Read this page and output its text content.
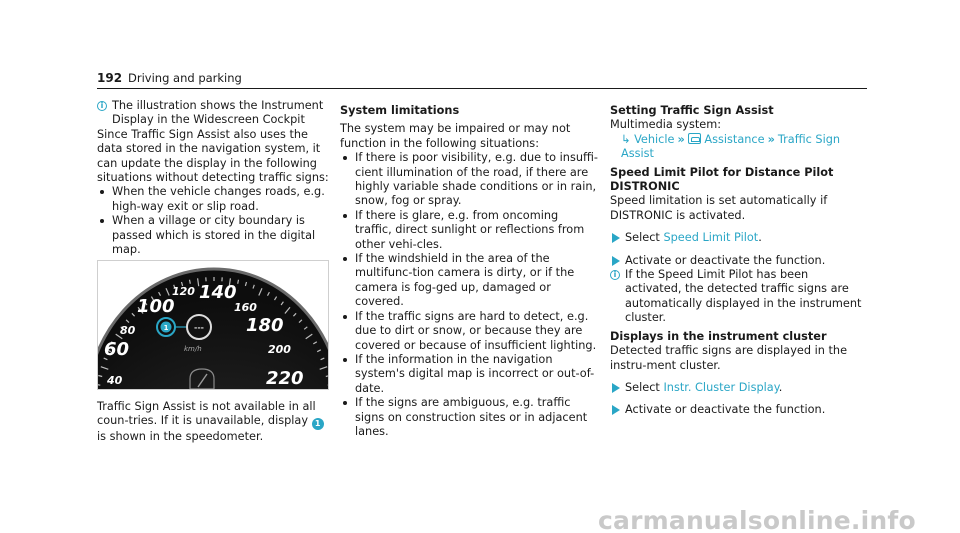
192 Driving and parking
i The illustration shows the Instrument Display in the Widescreen Cockpit

Since Traffic Sign Assist also uses the data stored in the navigation system, it can update the display in the following situations without detecting traffic signs:

When the vehicle changes roads, e.g. high-way exit or slip road.
When a village or city boundary is passed which is stored in the digital map.
40
60
80
100
120 140
160
180
200
220
km/h
1	---

Traffic Sign Assist is not available in all coun-tries. If it is unavailable, display 1 is shown in the speedometer.

System limitations

The system may be impaired or may not function in the following situations:

If there is poor visibility, e.g. due to insuffi-cient illumination of the road, if there are highly variable shade conditions or in rain, snow, fog or spray.
If there is glare, e.g. from oncoming traffic, direct sunlight or reflections from other vehi-cles.
If the windshield in the area of the multifunc-tion camera is dirty, or if the camera is fog-ged up, damaged or covered.
If the traffic signs are hard to detect, e.g. due to dirt or snow, or because they are covered or because of insufficient lighting.
If the information in the navigation system's digital map is incorrect or out-of-date.
If the signs are ambiguous, e.g. traffic signs on construction sites or in adjacent lanes.

Setting Traffic Sign Assist

Multimedia system:

↳ Vehicle » Assistance » Traffic Sign Assist

Speed Limit Pilot for Distance Pilot DISTRONIC

Speed limitation is set automatically if DISTRONIC is activated.

Select Speed Limit Pilot.
Activate or deactivate the function.
i If the Speed Limit Pilot has been activated, the detected traffic signs are automatically displayed in the instrument cluster.

Displays in the instrument cluster

Detected traffic signs are displayed in the instru-ment cluster.

Select Instr. Cluster Display.
Activate or deactivate the function.
carmanualsonline.info
